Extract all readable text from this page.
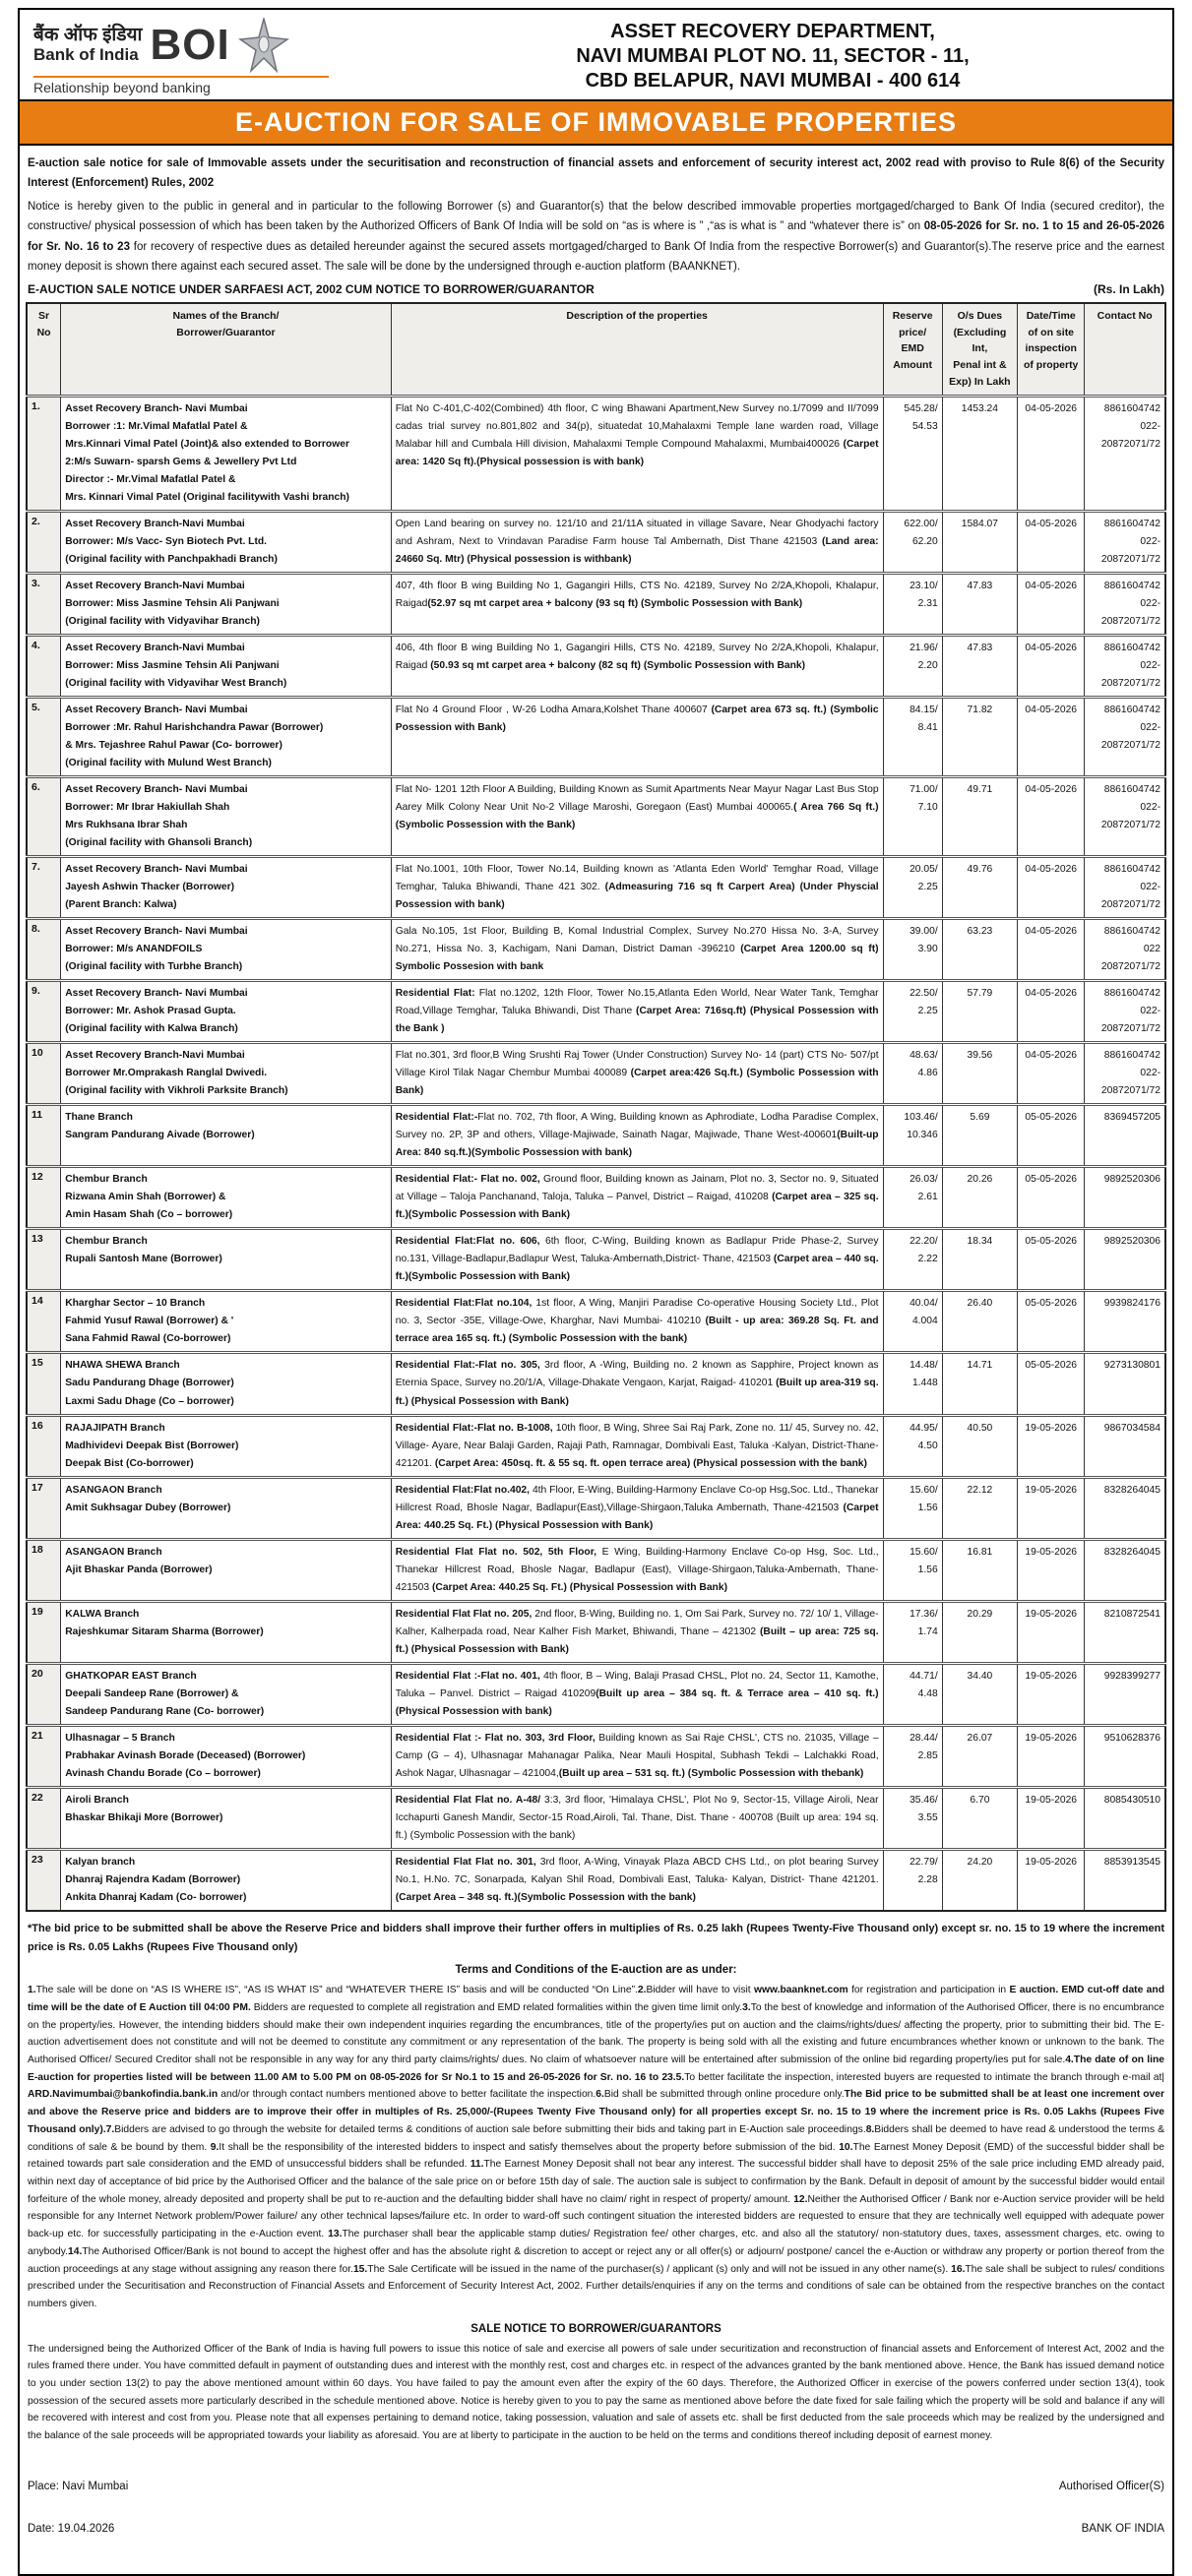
बैंक ऑफ इंडिया
Bank of India BOI
Relationship beyond banking
ASSET RECOVERY DEPARTMENT,
NAVI MUMBAI PLOT NO. 11, SECTOR - 11,
CBD BELAPUR, NAVI MUMBAI - 400 614
E-AUCTION FOR SALE OF IMMOVABLE PROPERTIES

E-auction sale notice for sale of Immovable assets under the securitisation and reconstruction of financial assets and enforcement of security interest act, 2002 read with proviso to Rule 8(6) of the Security Interest (Enforcement) Rules, 2002

Notice is hereby given to the public in general and in particular to the following Borrower (s) and Guarantor(s) that the below described immovable properties mortgaged/charged to Bank Of India (secured creditor), the constructive/ physical possession of which has been taken by the Authorized Officers of Bank Of India will be sold on “as is where is ” ,“as is what is ” and “whatever there is” on 08-05-2026 for Sr. no. 1 to 15 and 26-05-2026 for Sr. No. 16 to 23 for recovery of respective dues as detailed hereunder against the secured assets mortgaged/charged to Bank Of India from the respective Borrower(s) and Guarantor(s).The reserve price and the earnest money deposit is shown there against each secured asset. The sale will be done by the undersigned through e-auction platform (BAANKNET).

E-AUCTION SALE NOTICE UNDER SARFAESI ACT, 2002 CUM NOTICE TO BORROWER/GUARANTOR	(Rs. In Lakh)
Sr
No

Names of the Branch/
Borrower/Guarantor

Description of the properties	Reserve
price/
EMD
Amount

O/s Dues
(Excluding
Int,
Penal int &
Exp) In Lakh

Date/Time
of on site
inspection
of property

Contact No

1.	Asset Recovery Branch- Navi Mumbai
Borrower :1: Mr.Vimal Mafatlal Patel &
Mrs.Kinnari Vimal Patel (Joint)& also extended to Borrower
2:M/s Suwarn- sparsh Gems & Jewellery Pvt Ltd
Director :- Mr.Vimal Mafatlal Patel &
Mrs. Kinnari Vimal Patel (Original facilitywith Vashi branch)
	Flat No C-401,C-402(Combined) 4th floor, C wing Bhawani Apartment,New Survey no.1/7099 and II/7099 cadas trial survey no.801,802 and 34(p), situatedat 10,Mahalaxmi Temple lane warden road, Village Malabar hill and Cumbala Hill division, Mahalaxmi Temple Compound Mahalaxmi, Mumbai400026 (Carpet area: 1420 Sq ft).(Physical possession is with bank)	
545.28/
54.53
	1453.24	04-05-2026	8861604742
022-
20872071/72

2.	Asset Recovery Branch-Navi Mumbai
Borrower: M/s Vacc- Syn Biotech Pvt. Ltd.
(Original facility with Panchpakhadi Branch)
	Open Land bearing on survey no. 121/10 and 21/11A situated in village Savare, Near Ghodyachi factory and Ashram, Next to Vrindavan Paradise Farm house Tal Ambernath, Dist Thane 421503 (Land area: 24660 Sq. Mtr) (Physical possession is withbank)	
622.00/
62.20
	1584.07	04-05-2026	8861604742
022-
20872071/72

3.	Asset Recovery Branch-Navi Mumbai
Borrower: Miss Jasmine Tehsin Ali Panjwani
(Original facility with Vidyavihar Branch)
	407, 4th floor B wing Building No 1, Gagangiri Hills, CTS No. 42189, Survey No 2/2A,Khopoli, Khalapur, Raigad(52.97 sq mt carpet area + balcony (93 sq ft) (Symbolic Possession with Bank)	
23.10/
2.31
	47.83	04-05-2026	8861604742
022-
20872071/72

4.	Asset Recovery Branch-Navi Mumbai
Borrower: Miss Jasmine Tehsin Ali Panjwani
(Original facility with Vidyavihar West Branch)
	406, 4th floor B wing Building No 1, Gagangiri Hills, CTS No. 42189, Survey No 2/2A,Khopoli, Khalapur, Raigad (50.93 sq mt carpet area + balcony (82 sq ft) (Symbolic Possession with Bank)	
21.96/
2.20
	47.83	04-05-2026	8861604742
022-
20872071/72

5.	Asset Recovery Branch- Navi Mumbai
Borrower :Mr. Rahul Harishchandra Pawar (Borrower)
& Mrs. Tejashree Rahul Pawar (Co- borrower)
(Original facility with Mulund West Branch)
	Flat No 4 Ground Floor , W-26 Lodha Amara,Kolshet Thane 400607 (Carpet area 673 sq. ft.) (Symbolic Possession with Bank)	
84.15/
8.41
	71.82	04-05-2026	8861604742
022-
20872071/72

6.	Asset Recovery Branch- Navi Mumbai
Borrower: Mr Ibrar Hakiullah Shah
Mrs Rukhsana Ibrar Shah
(Original facility with Ghansoli Branch)
	Flat No- 1201 12th Floor A Building, Building Known as Sumit Apartments Near Mayur Nagar Last Bus Stop Aarey Milk Colony Near Unit No-2 Village Maroshi, Goregaon (East) Mumbai 400065.( Area 766 Sq ft.) (Symbolic Possession with the Bank)	
71.00/
7.10
	49.71	04-05-2026	8861604742
022-
20872071/72

7.	Asset Recovery Branch- Navi Mumbai
Jayesh Ashwin Thacker (Borrower)
(Parent Branch: Kalwa)
	Flat No.1001, 10th Floor, Tower No.14, Building known as 'Atlanta Eden World' Temghar Road, Village Temghar, Taluka Bhiwandi, Thane 421 302. (Admeasuring 716 sq ft Carpert Area) (Under Physcial Possession with bank)	
20.05/
2.25
	49.76	04-05-2026	8861604742
022-
20872071/72

8.	Asset Recovery Branch- Navi Mumbai
Borrower: M/s ANANDFOILS
(Original facility with Turbhe Branch)
	Gala No.105, 1st Floor, Building B, Komal Industrial Complex, Survey No.270 Hissa No. 3-A, Survey No.271, Hissa No. 3, Kachigam, Nani Daman, District Daman -396210 (Carpet Area 1200.00 sq ft) Symbolic Possesion with bank	
39.00/
3.90
	63.23	04-05-2026	8861604742
022
20872071/72

9.	Asset Recovery Branch- Navi Mumbai
Borrower: Mr. Ashok Prasad Gupta.
(Original facility with Kalwa Branch)
	Residential Flat: Flat no.1202, 12th Floor, Tower No.15,Atlanta Eden World, Near Water Tank, Temghar Road,Village Temghar, Taluka Bhiwandi, Dist Thane (Carpet Area: 716sq.ft) (Physical Possession with the Bank )	
22.50/
2.25
	57.79	04-05-2026	8861604742
022-
20872071/72

10	Asset Recovery Branch-Navi Mumbai
Borrower Mr.Omprakash Ranglal Dwivedi.
(Original facility with Vikhroli Parksite Branch)
	Flat no.301, 3rd floor,B Wing Srushti Raj Tower (Under Construction) Survey No- 14 (part) CTS No- 507/pt Village Kirol Tilak Nagar Chembur Mumbai 400089 (Carpet area:426 Sq.ft.) (Symbolic Possession with Bank)	
48.63/
4.86
	39.56	04-05-2026	8861604742
022-
20872071/72

11	Thane Branch
Sangram Pandurang Aivade (Borrower)
	Residential Flat:-Flat no. 702, 7th floor, A Wing, Building known as Aphrodiate, Lodha Paradise Complex, Survey no. 2P, 3P and others, Village-Majiwade, Sainath Nagar, Majiwade, Thane West-400601(Built-up Area: 840 sq.ft.)(Symbolic Possession with bank)	
103.46/
10.346
	5.69	05-05-2026	8369457205

12	Chembur Branch
Rizwana Amin Shah (Borrower) &
Amin Hasam Shah (Co – borrower)
	Residential Flat:- Flat no. 002, Ground floor, Building known as Jainam, Plot no. 3, Sector no. 9, Situated at Village – Taloja Panchanand, Taloja, Taluka – Panvel, District – Raigad, 410208 (Carpet area – 325 sq. ft.)(Symbolic Possession with Bank)	
26.03/
2.61
	20.26	05-05-2026	9892520306

13	Chembur Branch
Rupali Santosh Mane (Borrower)
	Residential Flat:Flat no. 606, 6th floor, C-Wing, Building known as Badlapur Pride Phase-2, Survey no.131, Village-Badlapur,Badlapur West, Taluka-Ambernath,District- Thane, 421503 (Carpet area – 440 sq. ft.)(Symbolic Possession with Bank)	
22.20/
2.22
	18.34	05-05-2026	9892520306

14	Kharghar Sector – 10 Branch
Fahmid Yusuf Rawal (Borrower) & '
Sana Fahmid Rawal (Co-borrower)
	Residential Flat:Flat no.104, 1st floor, A Wing, Manjiri Paradise Co-operative Housing Society Ltd., Plot no. 3, Sector -35E, Village-Owe, Kharghar, Navi Mumbai- 410210 (Built - up area: 369.28 Sq. Ft. and terrace area 165 sq. ft.) (Symbolic Possession with the bank)	
40.04/
4.004
	26.40	05-05-2026	9939824176

15	NHAWA SHEWA Branch
Sadu Pandurang Dhage (Borrower)
Laxmi Sadu Dhage (Co – borrower)
	Residential Flat:-Flat no. 305, 3rd floor, A -Wing, Building no. 2 known as Sapphire, Project known as Eternia Space, Survey no.20/1/A, Village-Dhakate Vengaon, Karjat, Raigad- 410201 (Built up area-319 sq. ft.) (Physical Possession with Bank)	
14.48/
1.448
	14.71	05-05-2026	9273130801

16	RAJAJIPATH Branch
Madhividevi Deepak Bist (Borrower)
Deepak Bist (Co-borrower)
	Residential Flat:-Flat no. B-1008, 10th floor, B Wing, Shree Sai Raj Park, Zone no. 11/ 45, Survey no. 42, Village- Ayare, Near Balaji Garden, Rajaji Path, Ramnagar, Dombivali East, Taluka -Kalyan, District-Thane-421201. (Carpet Area: 450sq. ft. & 55 sq. ft. open terrace area) (Physical possession with the bank)	
44.95/
4.50
	40.50	19-05-2026	9867034584

17	ASANGAON Branch
Amit Sukhsagar Dubey (Borrower)
	Residential Flat:Flat no.402, 4th Floor, E-Wing, Building-Harmony Enclave Co-op Hsg,Soc. Ltd., Thanekar Hillcrest Road, Bhosle Nagar, Badlapur(East),Village-Shirgaon,Taluka Ambernath, Thane-421503 (Carpet Area: 440.25 Sq. Ft.) (Physical Possession with Bank)	
15.60/
1.56
	22.12	19-05-2026	8328264045

18	ASANGAON Branch
Ajit Bhaskar Panda (Borrower)
	Residential Flat Flat no. 502, 5th Floor, E Wing, Building-Harmony Enclave Co-op Hsg, Soc. Ltd., Thanekar Hillcrest Road, Bhosle Nagar, Badlapur (East), Village-Shirgaon,Taluka-Ambernath, Thane-421503 (Carpet Area: 440.25 Sq. Ft.) (Physical Possession with Bank)	
15.60/
1.56
	16.81	19-05-2026	8328264045

19	KALWA Branch
Rajeshkumar Sitaram Sharma (Borrower)
	Residential Flat Flat no. 205, 2nd floor, B-Wing, Building no. 1, Om Sai Park, Survey no. 72/ 10/ 1, Village- Kalher, Kalherpada road, Near Kalher Fish Market, Bhiwandi, Thane – 421302 (Built – up area: 725 sq. ft.) (Physical Possession with Bank)	
17.36/
1.74
	20.29	19-05-2026	8210872541

20	GHATKOPAR EAST Branch
Deepali Sandeep Rane (Borrower) &
Sandeep Pandurang Rane (Co- borrower)
	Residential Flat :-Flat no. 401, 4th floor, B – Wing, Balaji Prasad CHSL, Plot no. 24, Sector 11, Kamothe, Taluka – Panvel. District – Raigad 410209(Built up area – 384 sq. ft. & Terrace area – 410 sq. ft.)(Physical Possession with bank)	
44.71/
4.48
	34.40	19-05-2026	9928399277

21	Ulhasnagar – 5 Branch
Prabhakar Avinash Borade (Deceased) (Borrower)
Avinash Chandu Borade (Co – borrower)
	Residential Flat :- Flat no. 303, 3rd Floor, Building known as Sai Raje CHSL', CTS no. 21035, Village – Camp (G – 4), Ulhasnagar Mahanagar Palika, Near Mauli Hospital, Subhash Tekdi – Lalchakki Road, Ashok Nagar, Ulhasnagar – 421004,(Built up area – 531 sq. ft.) (Symbolic Possession with thebank)	
28.44/
2.85
	26.07	19-05-2026	9510628376

22	Airoli Branch
Bhaskar Bhikaji More (Borrower)
	Residential Flat Flat no. A-48/ 3:3, 3rd floor, 'Himalaya CHSL', Plot No 9, Sector-15, Village Airoli, Near Icchapurti Ganesh Mandir, Sector-15 Road,Airoli, Tal. Thane, Dist. Thane - 400708 (Built up area: 194 sq. ft.) (Symbolic Possession with the bank)	
35.46/
3.55
	6.70	19-05-2026	8085430510

23	Kalyan branch
Dhanraj Rajendra Kadam (Borrower)
Ankita Dhanraj Kadam (Co- borrower)
	Residential Flat Flat no. 301, 3rd floor, A-Wing, Vinayak Plaza ABCD CHS Ltd., on plot bearing Survey No.1, H.No. 7C, Sonarpada, Kalyan Shil Road, Dombivali East, Taluka- Kalyan, District- Thane 421201.(Carpet Area – 348 sq. ft.)(Symbolic Possession with the bank)	
22.79/
2.28
	24.20	19-05-2026	8853913545

*The bid price to be submitted shall be above the Reserve Price and bidders shall improve their further offers in multiplies of Rs. 0.25 lakh (Rupees Twenty-Five Thousand only) except sr. no. 15 to 19 where the increment price is Rs. 0.05 Lakhs (Rupees Five Thousand only)

Terms and Conditions of the E-auction are as under:

1.The sale will be done on “AS IS WHERE IS”, “AS IS WHAT IS” and “WHATEVER THERE IS” basis and will be conducted “On Line”.2.Bidder will have to visit www.baanknet.com for registration and participation in E auction. EMD cut-off date and time will be the date of E Auction till 04:00 PM. Bidders are requested to complete all registration and EMD related formalities within the given time limit only.3.To the best of knowledge and information of the Authorised Officer, there is no encumbrance on the property/ies. However, the intending bidders should make their own independent inquiries regarding the encumbrances, title of the property/ies put on auction and the claims/rights/dues/ affecting the property, prior to submitting their bid. The E-auction advertisement does not constitute and will not be deemed to constitute any commitment or any representation of the bank. The property is being sold with all the existing and future encumbrances whether known or unknown to the bank. The Authorised Officer/ Secured Creditor shall not be responsible in any way for any third party claims/rights/ dues. No claim of whatsoever nature will be entertained after submission of the online bid regarding property/ies put for sale.4.The date of on line E-auction for properties listed will be between 11.00 AM to 5.00 PM on 08-05-2026 for Sr No.1 to 15 and 26-05-2026 for Sr. no. 16 to 23.5.To better facilitate the inspection, interested buyers are requested to intimate the branch through e-mail at| ARD.Navimumbai@bankofindia.bank.in and/or through contact numbers mentioned above to better facilitate the inspection.6.Bid shall be submitted through online procedure only.The Bid price to be submitted shall be at least one increment over and above the Reserve price and bidders are to improve their offer in multiples of Rs. 25,000/-(Rupees Twenty Five Thousand only) for all properties except Sr. no. 15 to 19 where the increment price is Rs. 0.05 Lakhs (Rupees Five Thousand only).7.Bidders are advised to go through the website for detailed terms & conditions of auction sale before submitting their bids and taking part in E-Auction sale proceedings.8.Bidders shall be deemed to have read & understood the terms & conditions of sale & be bound by them. 9.It shall be the responsibility of the interested bidders to inspect and satisfy themselves about the property before submission of the bid. 10.The Earnest Money Deposit (EMD) of the successful bidder shall be retained towards part sale consideration and the EMD of unsuccessful bidders shall be refunded. 11.The Earnest Money Deposit shall not bear any interest. The successful bidder shall have to deposit 25% of the sale price including EMD already paid, within next day of acceptance of bid price by the Authorised Officer and the balance of the sale price on or before 15th day of sale. The auction sale is subject to confirmation by the Bank. Default in deposit of amount by the successful bidder would entail forfeiture of the whole money, already deposited and property shall be put to re-auction and the defaulting bidder shall have no claim/ right in respect of property/ amount. 12.Neither the Authorised Officer / Bank nor e-Auction service provider will be held responsible for any Internet Network problem/Power failure/ any other technical lapses/failure etc. In order to ward-off such contingent situation the interested bidders are requested to ensure that they are technically well equipped with adequate power back-up etc. for successfully participating in the e-Auction event. 13.The purchaser shall bear the applicable stamp duties/ Registration fee/ other charges, etc. and also all the statutory/ non-statutory dues, taxes, assessment charges, etc. owing to anybody.14.The Authorised Officer/Bank is not bound to accept the highest offer and has the absolute right & discretion to accept or reject any or all offer(s) or adjourn/ postpone/ cancel the e-Auction or withdraw any property or portion thereof from the auction proceedings at any stage without assigning any reason there for.15.The Sale Certificate will be issued in the name of the purchaser(s) / applicant (s) only and will not be issued in any other name(s). 16.The sale shall be subject to rules/ conditions prescribed under the Securitisation and Reconstruction of Financial Assets and Enforcement of Security Interest Act, 2002. Further details/enquiries if any on the terms and conditions of sale can be obtained from the respective branches on the contact numbers given.

SALE NOTICE TO BORROWER/GUARANTORS

The undersigned being the Authorized Officer of the Bank of India is having full powers to issue this notice of sale and exercise all powers of sale under securitization and reconstruction of financial assets and Enforcement of Interest Act, 2002 and the rules framed there under. You have committed default in payment of outstanding dues and interest with the monthly rest, cost and charges etc. in respect of the advances granted by the bank mentioned above. Hence, the Bank has issued demand notice to you under section 13(2) to pay the above mentioned amount within 60 days. You have failed to pay the amount even after the expiry of the 60 days. Therefore, the Authorized Officer in exercise of the powers conferred under section 13(4), took possession of the secured assets more particularly described in the schedule mentioned above. Notice is hereby given to you to pay the same as mentioned above before the date fixed for sale failing which the property will be sold and balance if any will be recovered with interest and cost from you. Please note that all expenses pertaining to demand notice, taking possession, valuation and sale of assets etc. shall be first deducted from the sale proceeds which may be realized by the undersigned and the balance of the sale proceeds will be appropriated towards your liability as aforesaid. You are at liberty to participate in the auction to be held on the terms and conditions thereof including deposit of earnest money.

Place: Navi Mumbai

Date: 19.04.2026

Authorised Officer(S)

BANK OF INDIA
